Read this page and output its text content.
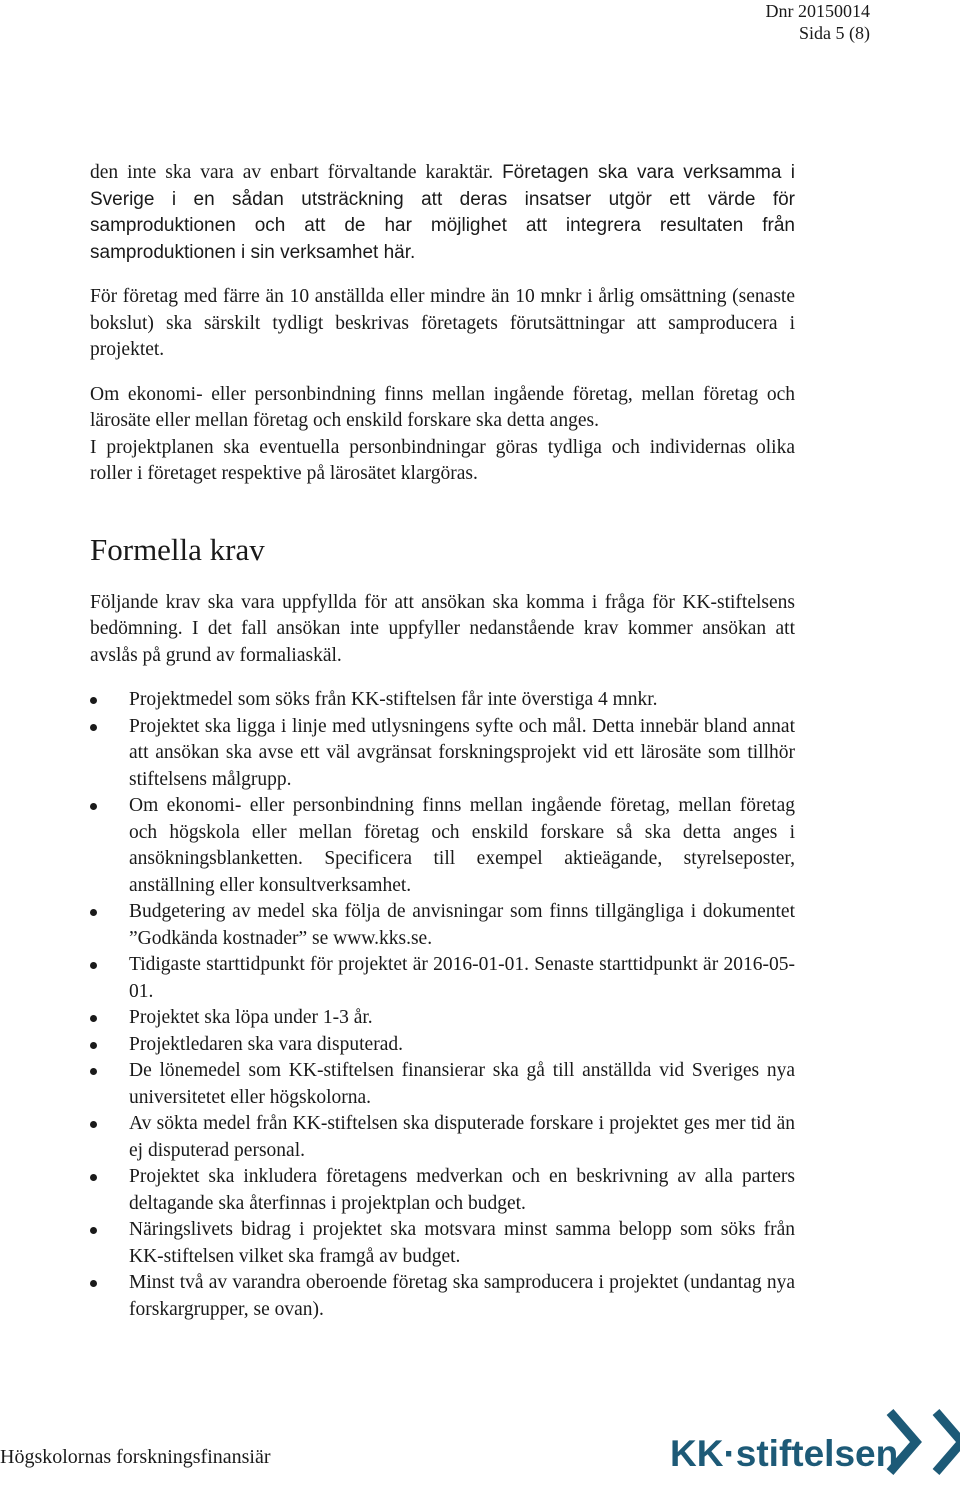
Dnr 20150014
Sida 5 (8)

den inte ska vara av enbart förvaltande karaktär. Företagen ska vara verksamma i Sverige i en sådan utsträckning att deras insatser utgör ett värde för samproduktionen och att de har möjlighet att integrera resultaten från samproduktionen i sin verksamhet här.

För företag med färre än 10 anställda eller mindre än 10 mnkr i årlig omsättning (senaste bokslut) ska särskilt tydligt beskrivas företagets förutsättningar att samproducera i projektet.

Om ekonomi- eller personbindning finns mellan ingående företag, mellan företag och lärosäte eller mellan företag och enskild forskare ska detta anges.

I projektplanen ska eventuella personbindningar göras tydliga och individernas olika roller i företaget respektive på lärosätet klargöras.

Formella krav

Följande krav ska vara uppfyllda för att ansökan ska komma i fråga för KK-stiftelsens bedömning. I det fall ansökan inte uppfyller nedanstående krav kommer ansökan att avslås på grund av formaliaskäl.

Projektmedel som söks från KK-stiftelsen får inte överstiga 4 mnkr.
Projektet ska ligga i linje med utlysningens syfte och mål. Detta innebär bland annat att ansökan ska avse ett väl avgränsat forskningsprojekt vid ett lärosäte som tillhör stiftelsens målgrupp.
Om ekonomi- eller personbindning finns mellan ingående företag, mellan företag och högskola eller mellan företag och enskild forskare så ska detta anges i ansökningsblanketten. Specificera till exempel aktieägande, styrelseposter, anställning eller konsultverksamhet.
Budgetering av medel ska följa de anvisningar som finns tillgängliga i dokumentet ”Godkända kostnader” se www.kks.se.
Tidigaste starttidpunkt för projektet är 2016-01-01. Senaste starttidpunkt är 2016-05-01.
Projektet ska löpa under 1-3 år.
Projektledaren ska vara disputerad.
De lönemedel som KK-stiftelsen finansierar ska gå till anställda vid Sveriges nya universitetet eller högskolorna.
Av sökta medel från KK-stiftelsen ska disputerade forskare i projektet ges mer tid än ej disputerad personal.
Projektet ska inkludera företagens medverkan och en beskrivning av alla parters deltagande ska återfinnas i projektplan och budget.
Näringslivets bidrag i projektet ska motsvara minst samma belopp som söks från KK-stiftelsen vilket ska framgå av budget.
Minst två av varandra oberoende företag ska samproducera i projektet (undantag nya forskargrupper, se ovan).
Högskolornas forskningsfinansiär	KK·stiftelsen
